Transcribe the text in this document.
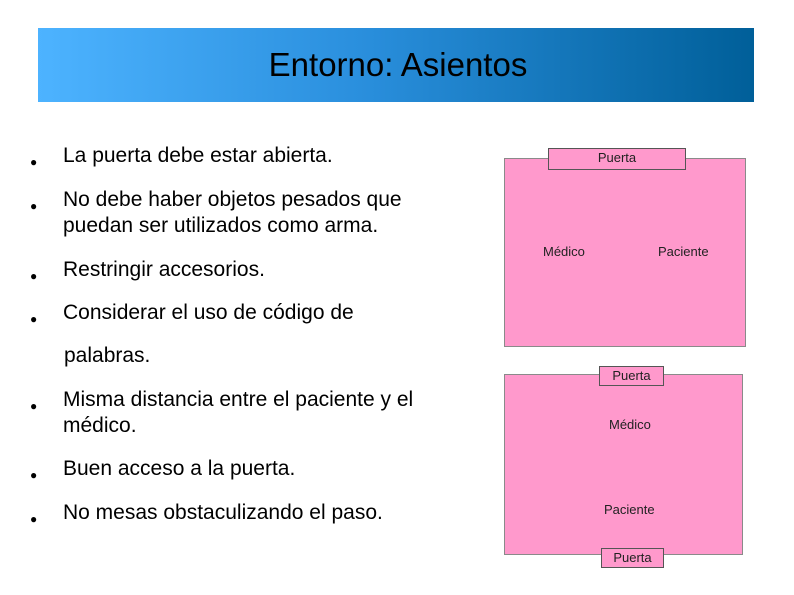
Entorno: Asientos
●	La puerta debe estar abierta.
●	No debe haber objetos pesados que puedan ser utilizados como arma.
●	Restringir accesorios.
●	Considerar el uso de código de
palabras.
●	Misma distancia entre el paciente y el médico.
●	Buen acceso a la puerta.
●	No mesas obstaculizando el paso.
Puerta
Médico	Paciente
Puerta
Médico
Paciente
Puerta
